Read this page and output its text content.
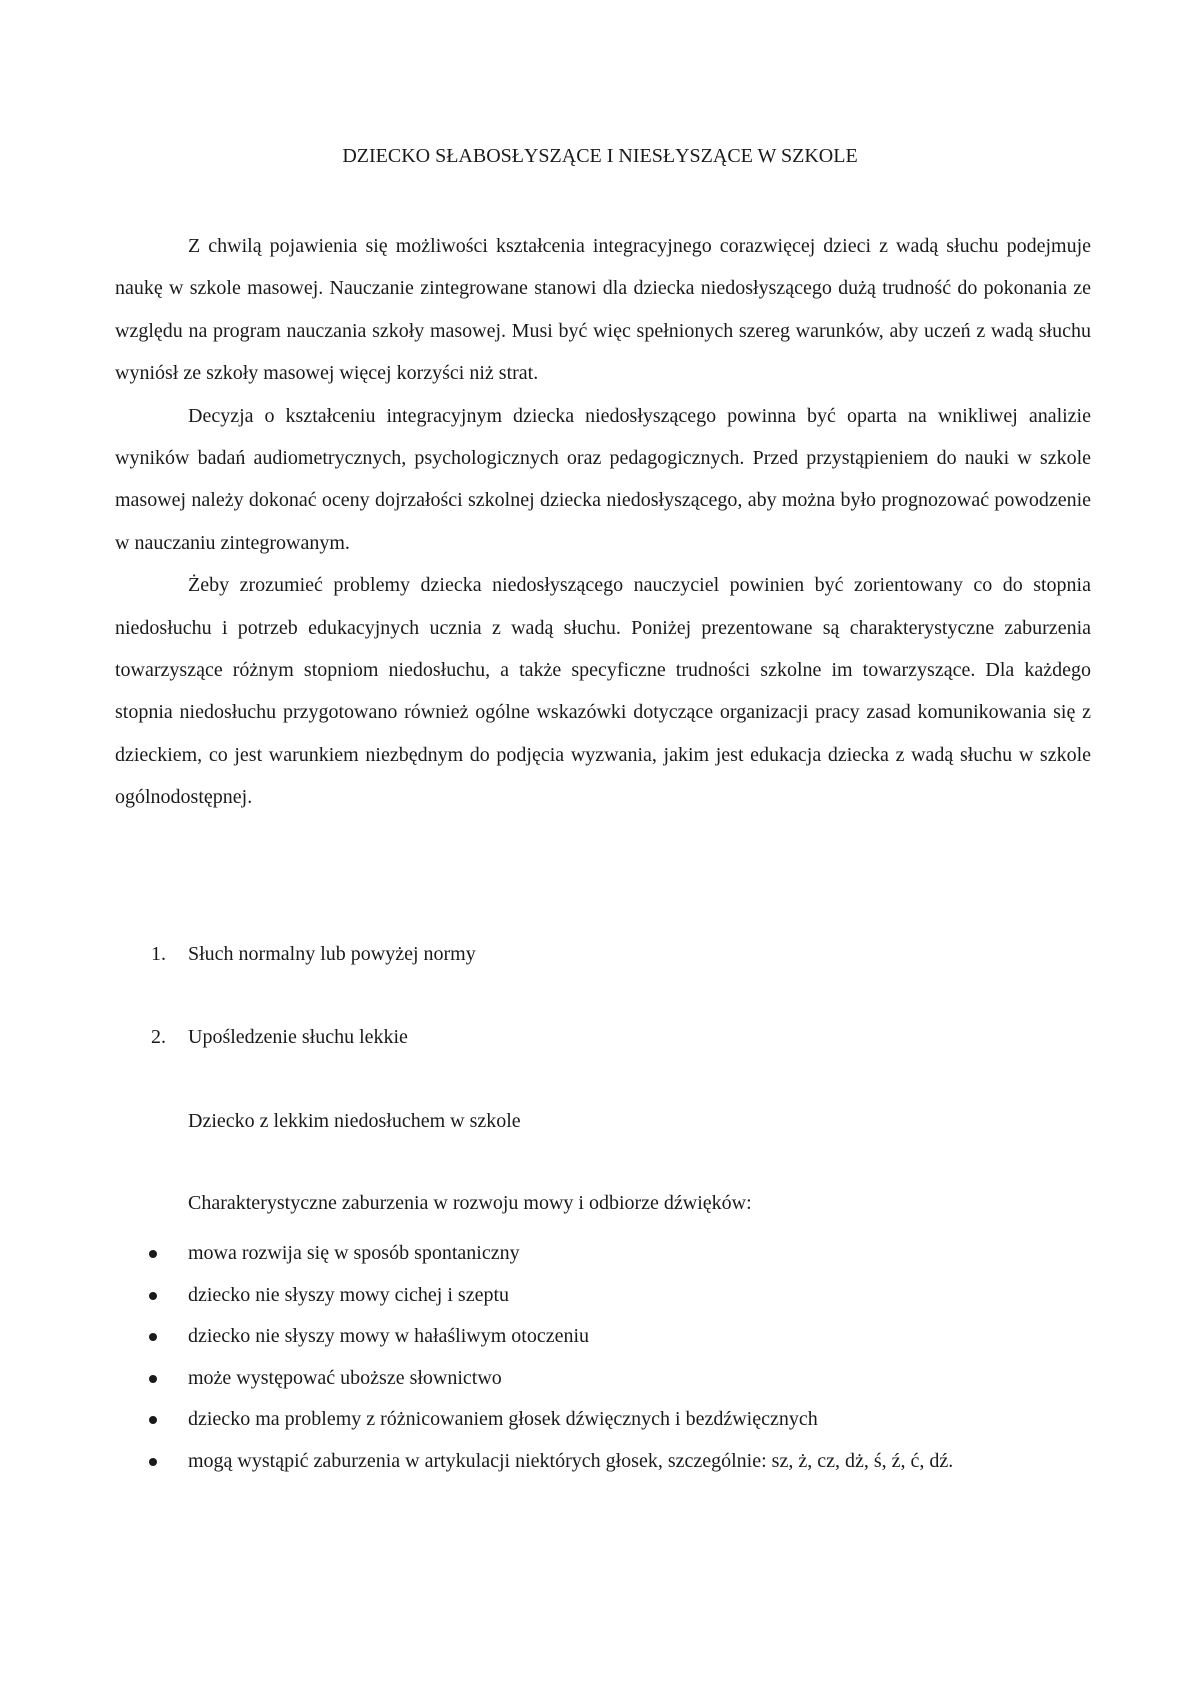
DZIECKO SŁABOSŁYSZĄCE I NIESŁYSZĄCE W SZKOLE

Z chwilą pojawienia się możliwości kształcenia integracyjnego corazwięcej dzieci z wadą słuchu podejmuje naukę w szkole masowej. Nauczanie zintegrowane stanowi dla dziecka niedosłyszącego dużą trudność do pokonania ze względu na program nauczania szkoły masowej. Musi być więc spełnionych szereg warunków, aby uczeń z wadą słuchu wyniósł ze szkoły masowej więcej korzyści niż strat.

Decyzja o kształceniu integracyjnym dziecka niedosłyszącego powinna być oparta na wnikliwej analizie wyników badań audiometrycznych, psychologicznych oraz pedagogicznych. Przed przystąpieniem do nauki w szkole masowej należy dokonać oceny dojrzałości szkolnej dziecka niedosłyszącego, aby można było prognozować powodzenie w nauczaniu zintegrowanym.

Żeby zrozumieć problemy dziecka niedosłyszącego nauczyciel powinien być zorientowany co do stopnia niedosłuchu i potrzeb edukacyjnych ucznia z wadą słuchu. Poniżej prezentowane są charakterystyczne zaburzenia towarzyszące różnym stopniom niedosłuchu, a także specyficzne trudności szkolne im towarzyszące. Dla każdego stopnia niedosłuchu przygotowano również ogólne wskazówki dotyczące organizacji pracy zasad komunikowania się z dzieckiem, co jest warunkiem niezbędnym do podjęcia wyzwania, jakim jest edukacja dziecka z wadą słuchu w szkole ogólnodostępnej.

1. Słuch normalny lub powyżej normy
2. Upośledzenie słuchu lekkie
Dziecko z lekkim niedosłuchem w szkole
Charakterystyczne zaburzenia w rozwoju mowy i odbiorze dźwięków:
mowa rozwija się w sposób spontaniczny
dziecko nie słyszy mowy cichej i szeptu
dziecko nie słyszy mowy w hałaśliwym otoczeniu
może występować uboższe słownictwo
dziecko ma problemy z różnicowaniem głosek dźwięcznych i bezdźwięcznych
mogą wystąpić zaburzenia w artykulacji niektórych głosek, szczególnie: sz, ż, cz, dż, ś, ź, ć, dź.
